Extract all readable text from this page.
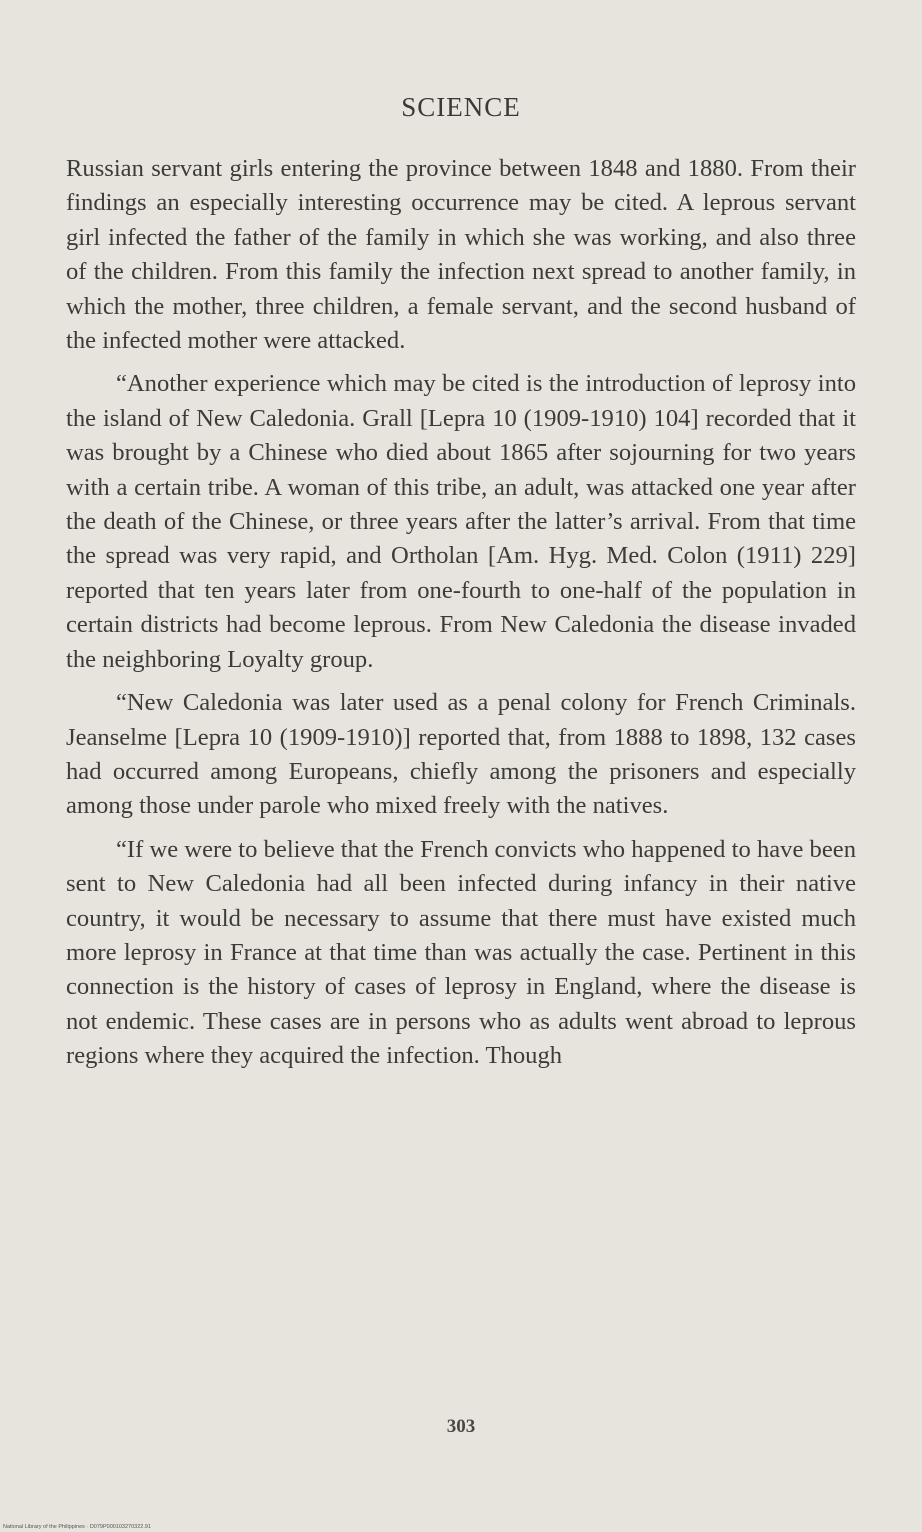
SCIENCE

Russian servant girls entering the province between 1848 and 1880. From their findings an especially interesting occurrence may be cited. A leprous servant girl infected the father of the family in which she was working, and also three of the children. From this family the infection next spread to another family, in which the mother, three children, a female servant, and the second husband of the infected mother were attacked.

“Another experience which may be cited is the introduction of leprosy into the island of New Caledonia. Grall [Lepra 10 (1909-1910) 104] recorded that it was brought by a Chinese who died about 1865 after sojourning for two years with a certain tribe. A woman of this tribe, an adult, was attacked one year after the death of the Chinese, or three years after the latter’s arrival. From that time the spread was very rapid, and Ortholan [Am. Hyg. Med. Colon (1911) 229] reported that ten years later from one-fourth to one-half of the population in certain districts had become leprous. From New Caledonia the disease invaded the neighboring Loyalty group.

“New Caledonia was later used as a penal colony for French Criminals. Jeanselme [Lepra 10 (1909-1910)] reported that, from 1888 to 1898, 132 cases had occurred among Europeans, chiefly among the prisoners and especially among those under parole who mixed freely with the natives.

“If we were to believe that the French convicts who happened to have been sent to New Caledonia had all been infected during infancy in their native country, it would be necessary to assume that there must have existed much more leprosy in France at that time than was actually the case. Pertinent in this connection is the history of cases of leprosy in England, where the disease is not endemic. These cases are in persons who as adults went abroad to leprous regions where they acquired the infection. Though

303
National Library of the Philippines · D079P000103270322.91
